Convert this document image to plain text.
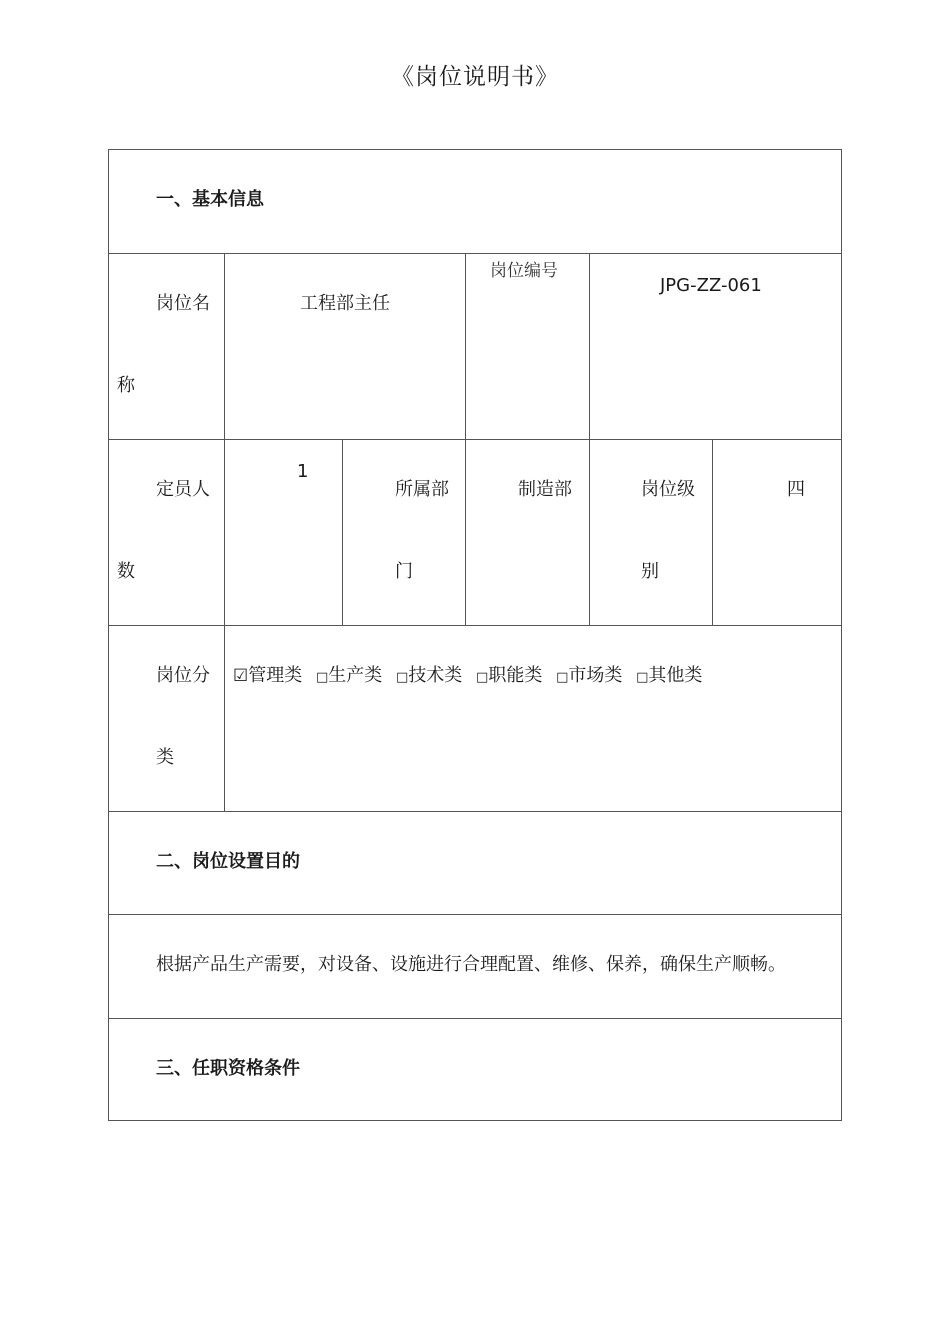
《岗位说明书》
一、基本信息
岗位名
称
工程部主任
岗位编号
JPG-ZZ-061
定员人
数
1
所属部
门
制造部	岗位级
别
四
岗位分
类
☑管理类 □生产类 □技术类 □职能类 □市场类 □其他类
二、岗位设置目的
根据产品生产需要，对设备、设施进行合理配置、维修、保养，确保生产顺畅。
三、任职资格条件
